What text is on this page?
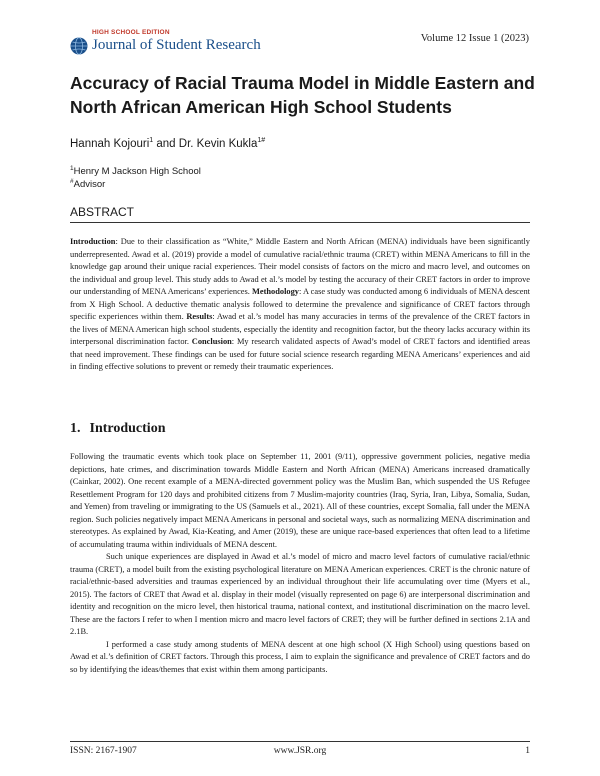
HIGH SCHOOL EDITION
Journal of Student Research	Volume 12 Issue 1 (2023)
Accuracy of Racial Trauma Model in Middle Eastern and North African American High School Students
Hannah Kojouri$^1$ and Dr. Kevin Kukla$^{1\#}$
$^1$Henry M Jackson High School
#Advisor
ABSTRACT
Introduction: Due to their classification as “White,” Middle Eastern and North African (MENA) individuals have been significantly underrepresented. Awad et al. (2019) provide a model of cumulative racial/ethnic trauma (CRET) within MENA Americans to fill in the knowledge gap around their unique racial experiences. Their model consists of factors on the micro and macro level, and outcomes on the individual and group level. This study adds to Awad et al.’s model by testing the accuracy of their CRET factors in order to improve our understanding of MENA Americans’ experiences. Methodology: A case study was conducted among 6 individuals of MENA descent from X High School. A deductive thematic analysis followed to determine the prevalence and significance of CRET factors through specific experiences within them. Results: Awad et al.’s model has many accuracies in terms of the prevalence of the CRET factors in the lives of MENA American high school students, especially the identity and recognition factor, but the theory lacks accuracy within its interpersonal discrimination factor. Conclusion: My research validated aspects of Awad’s model of CRET factors and identified areas that need improvement. These findings can be used for future social science research regarding MENA Americans’ experiences and aid in finding effective solutions to prevent or remedy their traumatic experiences.
1. Introduction

Following the traumatic events which took place on September 11, 2001 (9/11), oppressive government policies, negative media depictions, hate crimes, and discrimination towards Middle Eastern and North African (MENA) Americans increased dramatically (Cainkar, 2002). One recent example of a MENA-directed government policy was the Muslim Ban, which suspended the US Refugee Resettlement Program for 120 days and prohibited citizens from 7 Muslim-majority countries (Iraq, Syria, Iran, Libya, Somalia, Sudan, and Yemen) from traveling or immigrating to the US (Samuels et al., 2021). All of these countries, except Somalia, fall under the MENA region. Such policies negatively impact MENA Americans in personal and societal ways, such as normalizing MENA discrimination and stereotypes. As explained by Awad, Kia-Keating, and Amer (2019), these are unique race-based experiences that often lead to a lifetime of accumulating trauma within individuals of MENA descent.

Such unique experiences are displayed in Awad et al.’s model of micro and macro level factors of cumulative racial/ethnic trauma (CRET), a model built from the existing psychological literature on MENA American experiences. CRET is the chronic nature of racial/ethnic-based adversities and traumas experienced by an individual throughout their life accumulating over time (Myers et al., 2015). The factors of CRET that Awad et al. display in their model (visually represented on page 6) are interpersonal discrimination and identity and recognition on the micro level, then historical trauma, national context, and institutional discrimination on the macro level. These are the factors I refer to when I mention micro and macro level factors of CRET; they will be further defined in sections 2.1A and 2.1B.

I performed a case study among students of MENA descent at one high school (X High School) using questions based on Awad et al.’s definition of CRET factors. Through this process, I aim to explain the significance and prevalence of CRET factors and do so by identifying the ideas/themes that exist within them among participants.

ISSN: 2167-1907	www.JSR.org	1
